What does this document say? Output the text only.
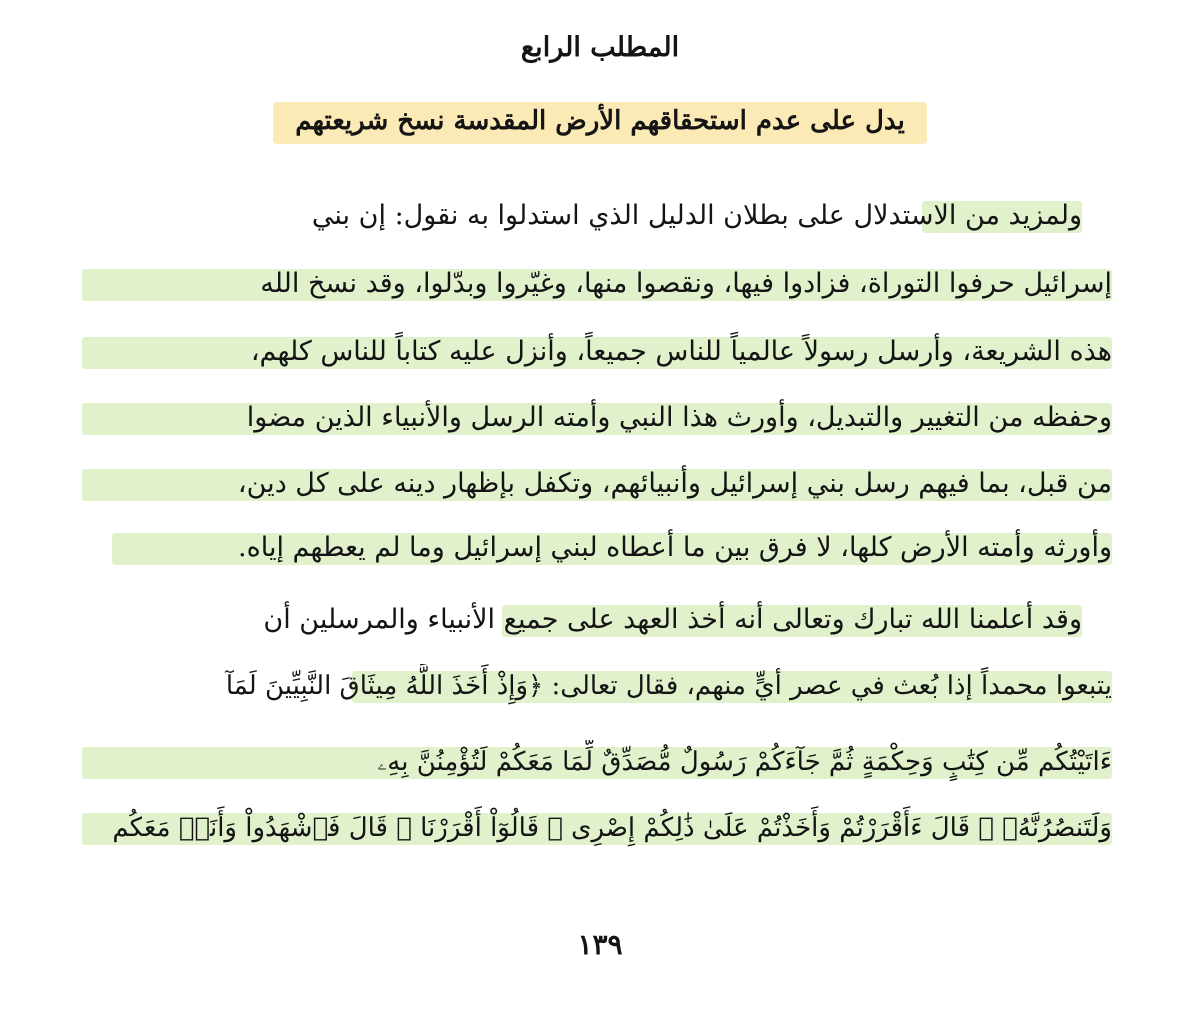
المطلب الرابع
يدل على عدم استحقاقهم الأرض المقدسة نسخ شريعتهم
ولمزيد من الاستدلال على بطلان الدليل الذي استدلوا به نقول: إن بني
إسرائيل حرفوا التوراة، فزادوا فيها، ونقصوا منها، وغيّروا وبدّلوا، وقد نسخ الله
هذه الشريعة، وأرسل رسولاً عالمياً للناس جميعاً، وأنزل عليه كتاباً للناس كلهم،
وحفظه من التغيير والتبديل، وأورث هذا النبي وأمته الرسل والأنبياء الذين مضوا
من قبل، بما فيهم رسل بني إسرائيل وأنبيائهم، وتكفل بإظهار دينه على كل دين،
وأورثه وأمته الأرض كلها، لا فرق بين ما أعطاه لبني إسرائيل وما لم يعطهم إياه.
وقد أعلمنا الله تبارك وتعالى أنه أخذ العهد على جميع الأنبياء والمرسلين أن
يتبعوا محمداً إذا بُعث في عصر أيٍّ منهم، فقال تعالى: ﴿وَإِذْ أَخَذَ اللَّهُ مِيثَاقَ النَّبِيِّينَ لَمَآ
ءَاتَيْتُكُم مِّن كِتَٰبٍ وَحِكْمَةٍ ثُمَّ جَآءَكُمْ رَسُولٌ مُّصَدِّقٌ لِّمَا مَعَكُمْ لَتُؤْمِنُنَّ بِهِۦ
وَلَتَنصُرُنَّهُۥ ۚ قَالَ ءَأَقْرَرْتُمْ وَأَخَذْتُمْ عَلَىٰ ذَٰلِكُمْ إِصْرِى ۖ قَالُوٓاْ أَقْرَرْنَا ۚ قَالَ فَٱشْهَدُواْ وَأَنَا۠ مَعَكُم
١٣٩
